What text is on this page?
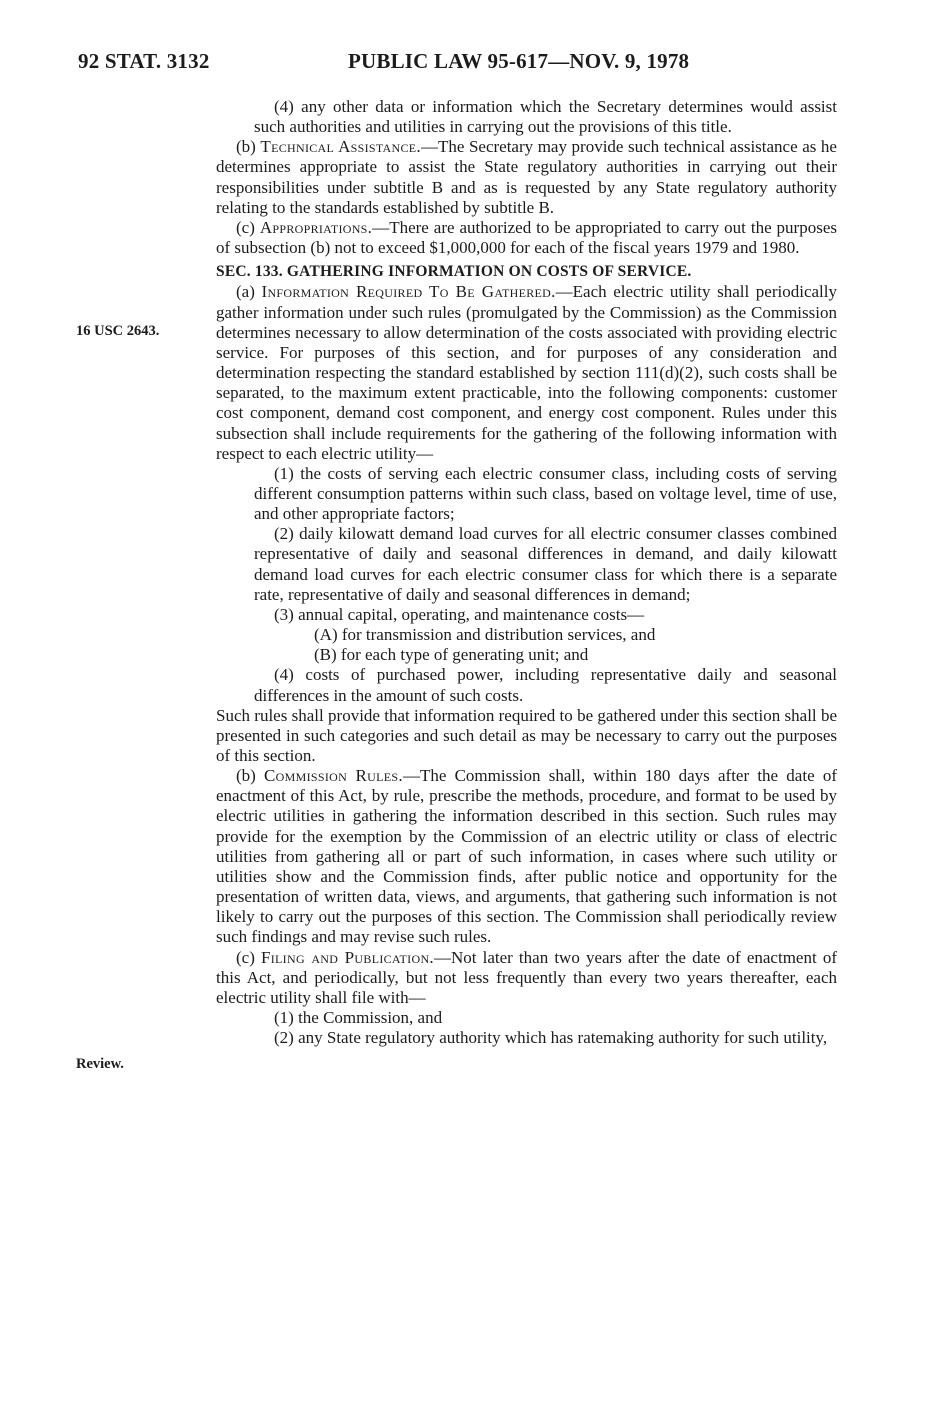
92 STAT. 3132	PUBLIC LAW 95-617—NOV. 9, 1978
16 USC 2643.
Review.

(4) any other data or information which the Secretary determines would assist such authorities and utilities in carrying out the provisions of this title.

(b) Technical Assistance.—The Secretary may provide such technical assistance as he determines appropriate to assist the State regulatory authorities in carrying out their responsibilities under subtitle B and as is requested by any State regulatory authority relating to the standards established by subtitle B.

(c) Appropriations.—There are authorized to be appropriated to carry out the purposes of subsection (b) not to exceed $1,000,000 for each of the fiscal years 1979 and 1980.

SEC. 133. GATHERING INFORMATION ON COSTS OF SERVICE.

(a) Information Required To Be Gathered.—Each electric utility shall periodically gather information under such rules (promulgated by the Commission) as the Commission determines necessary to allow determination of the costs associated with providing electric service. For purposes of this section, and for purposes of any consideration and determination respecting the standard established by section 111(d)(2), such costs shall be separated, to the maximum extent practicable, into the following components: customer cost component, demand cost component, and energy cost component. Rules under this subsection shall include requirements for the gathering of the following information with respect to each electric utility—

(1) the costs of serving each electric consumer class, including costs of serving different consumption patterns within such class, based on voltage level, time of use, and other appropriate factors;

(2) daily kilowatt demand load curves for all electric consumer classes combined representative of daily and seasonal differences in demand, and daily kilowatt demand load curves for each electric consumer class for which there is a separate rate, representative of daily and seasonal differences in demand;

(3) annual capital, operating, and maintenance costs—

(A) for transmission and distribution services, and

(B) for each type of generating unit; and

(4) costs of purchased power, including representative daily and seasonal differences in the amount of such costs.

Such rules shall provide that information required to be gathered under this section shall be presented in such categories and such detail as may be necessary to carry out the purposes of this section.

(b) Commission Rules.—The Commission shall, within 180 days after the date of enactment of this Act, by rule, prescribe the methods, procedure, and format to be used by electric utilities in gathering the information described in this section. Such rules may provide for the exemption by the Commission of an electric utility or class of electric utilities from gathering all or part of such information, in cases where such utility or utilities show and the Commission finds, after public notice and opportunity for the presentation of written data, views, and arguments, that gathering such information is not likely to carry out the purposes of this section. The Commission shall periodically review such findings and may revise such rules.

(c) Filing and Publication.—Not later than two years after the date of enactment of this Act, and periodically, but not less frequently than every two years thereafter, each electric utility shall file with—

(1) the Commission, and

(2) any State regulatory authority which has ratemaking authority for such utility,
